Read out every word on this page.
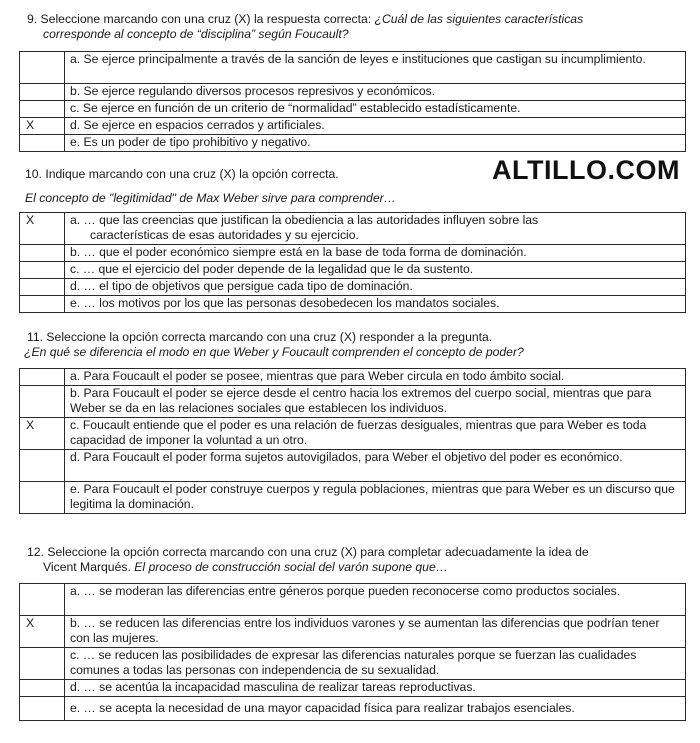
9. Seleccione marcando con una cruz (X) la respuesta correcta: ¿Cuál de las siguientes características
corresponde al concepto de “disciplina” según Foucault?
	a. Se ejerce principalmente a través de la sanción de leyes e instituciones que castigan su incumplimiento.
	b. Se ejerce regulando diversos procesos represivos y económicos.
	c. Se ejerce en función de un criterio de “normalidad” establecido estadísticamente.
X	d. Se ejerce en espacios cerrados y artificiales.
	e. Es un poder de tipo prohibitivo y negativo.
ALTILLO.COM
10. Indique marcando con una cruz (X) la opción correcta.
El concepto de "legitimidad" de Max Weber sirve para comprender…
X	a. … que las creencias que justifican la obediencia a las autoridades influyen sobre las
características de esas autoridades y su ejercicio.

	b. … que el poder económico siempre está en la base de toda forma de dominación.
	c. … que el ejercicio del poder depende de la legalidad que le da sustento.
	d. … el tipo de objetivos que persigue cada tipo de dominación.
	e. … los motivos por los que las personas desobedecen los mandatos sociales.
11. Seleccione la opción correcta marcando con una cruz (X) responder a la pregunta.
¿En qué se diferencia el modo en que Weber y Foucault comprenden el concepto de poder?
	a. Para Foucault el poder se posee, mientras que para Weber circula en todo ámbito social.
	b. Para Foucault el poder se ejerce desde el centro hacia los extremos del cuerpo social, mientras que para Weber se da en las relaciones sociales que establecen los individuos.
X	c. Foucault entiende que el poder es una relación de fuerzas desiguales, mientras que para Weber es toda capacidad de imponer la voluntad a un otro.
	d. Para Foucault el poder forma sujetos autovigilados, para Weber el objetivo del poder es económico.
	e. Para Foucault el poder construye cuerpos y regula poblaciones, mientras que para Weber es un discurso que legitima la dominación.
12. Seleccione la opción correcta marcando con una cruz (X) para completar adecuadamente la idea de
Vicent Marqués. El proceso de construcción social del varón supone que…
	a. … se moderan las diferencias entre géneros porque pueden reconocerse como productos sociales.
X	b. … se reducen las diferencias entre los individuos varones y se aumentan las diferencias que podrían tener con las mujeres.
	c. … se reducen las posibilidades de expresar las diferencias naturales porque se fuerzan las cualidades comunes a todas las personas con independencia de su sexualidad.
	d. … se acentúa la incapacidad masculina de realizar tareas reproductivas.
	e. … se acepta la necesidad de una mayor capacidad física para realizar trabajos esenciales.
